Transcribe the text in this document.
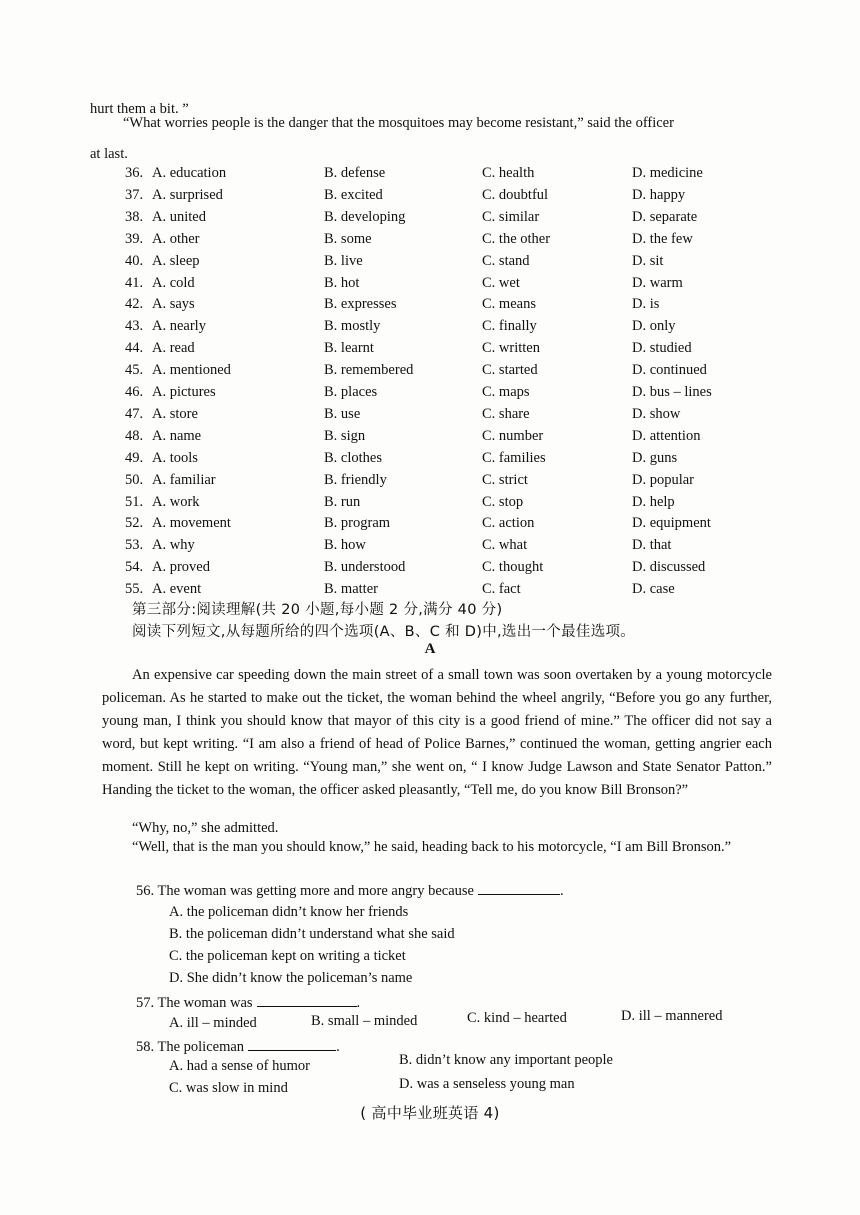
hurt them a bit. ”
“What worries people is the danger that the mosquitoes may become resistant,” said the officer
at last.
36. A. education	B. defense	C. health	D. medicine
37. A. surprised	B. excited	C. doubtful	D. happy
38. A. united	B. developing	C. similar	D. separate
39. A. other	B. some	C. the other	D. the few
40. A. sleep	B. live	C. stand	D. sit
41. A. cold	B. hot	C. wet	D. warm
42. A. says	B. expresses	C. means	D. is
43. A. nearly	B. mostly	C. finally	D. only
44. A. read	B. learnt	C. written	D. studied
45. A. mentioned	B. remembered	C. started	D. continued
46. A. pictures	B. places	C. maps	D. bus – lines
47. A. store	B. use	C. share	D. show
48. A. name	B. sign	C. number	D. attention
49. A. tools	B. clothes	C. families	D. guns
50. A. familiar	B. friendly	C. strict	D. popular
51. A. work	B. run	C. stop	D. help
52. A. movement	B. program	C. action	D. equipment
53. A. why	B. how	C. what	D. that
54. A. proved	B. understood	C. thought	D. discussed
55. A. event	B. matter	C. fact	D. case
第三部分:阅读理解(共 20 小题,每小题 2 分,满分 40 分)
阅读下列短文,从每题所给的四个选项(A、B、C 和 D)中,选出一个最佳选项。
A
An expensive car speeding down the main street of a small town was soon overtaken by a young motorcycle policeman. As he started to make out the ticket, the woman behind the wheel angrily, “Before you go any further, young man, I think you should know that mayor of this city is a good friend of mine.” The officer did not say a word, but kept writing. “I am also a friend of head of Police Barnes,” continued the woman, getting angrier each moment. Still he kept on writing. “Young man,” she went on, “ I know Judge Lawson and State Senator Patton.” Handing the ticket to the woman, the officer asked pleasantly, “Tell me, do you know Bill Bronson?”
“Why, no,” she admitted.
“Well, that is the man you should know,” he said, heading back to his motorcycle, “I am Bill Bronson.”
56. The woman was getting more and more angry because	.
A. the policeman didn’t know her friends
B. the policeman didn’t understand what she said
C. the policeman kept on writing a ticket
D. She didn’t know the policeman’s name
57. The woman was	.
A. ill – minded	B. small – minded	C. kind – hearted	D. ill – mannered
58. The policeman	.
A. had a sense of humor	B. didn’t know any important people
C. was slow in mind	D. was a senseless young man
( 高中毕业班英语 4)
